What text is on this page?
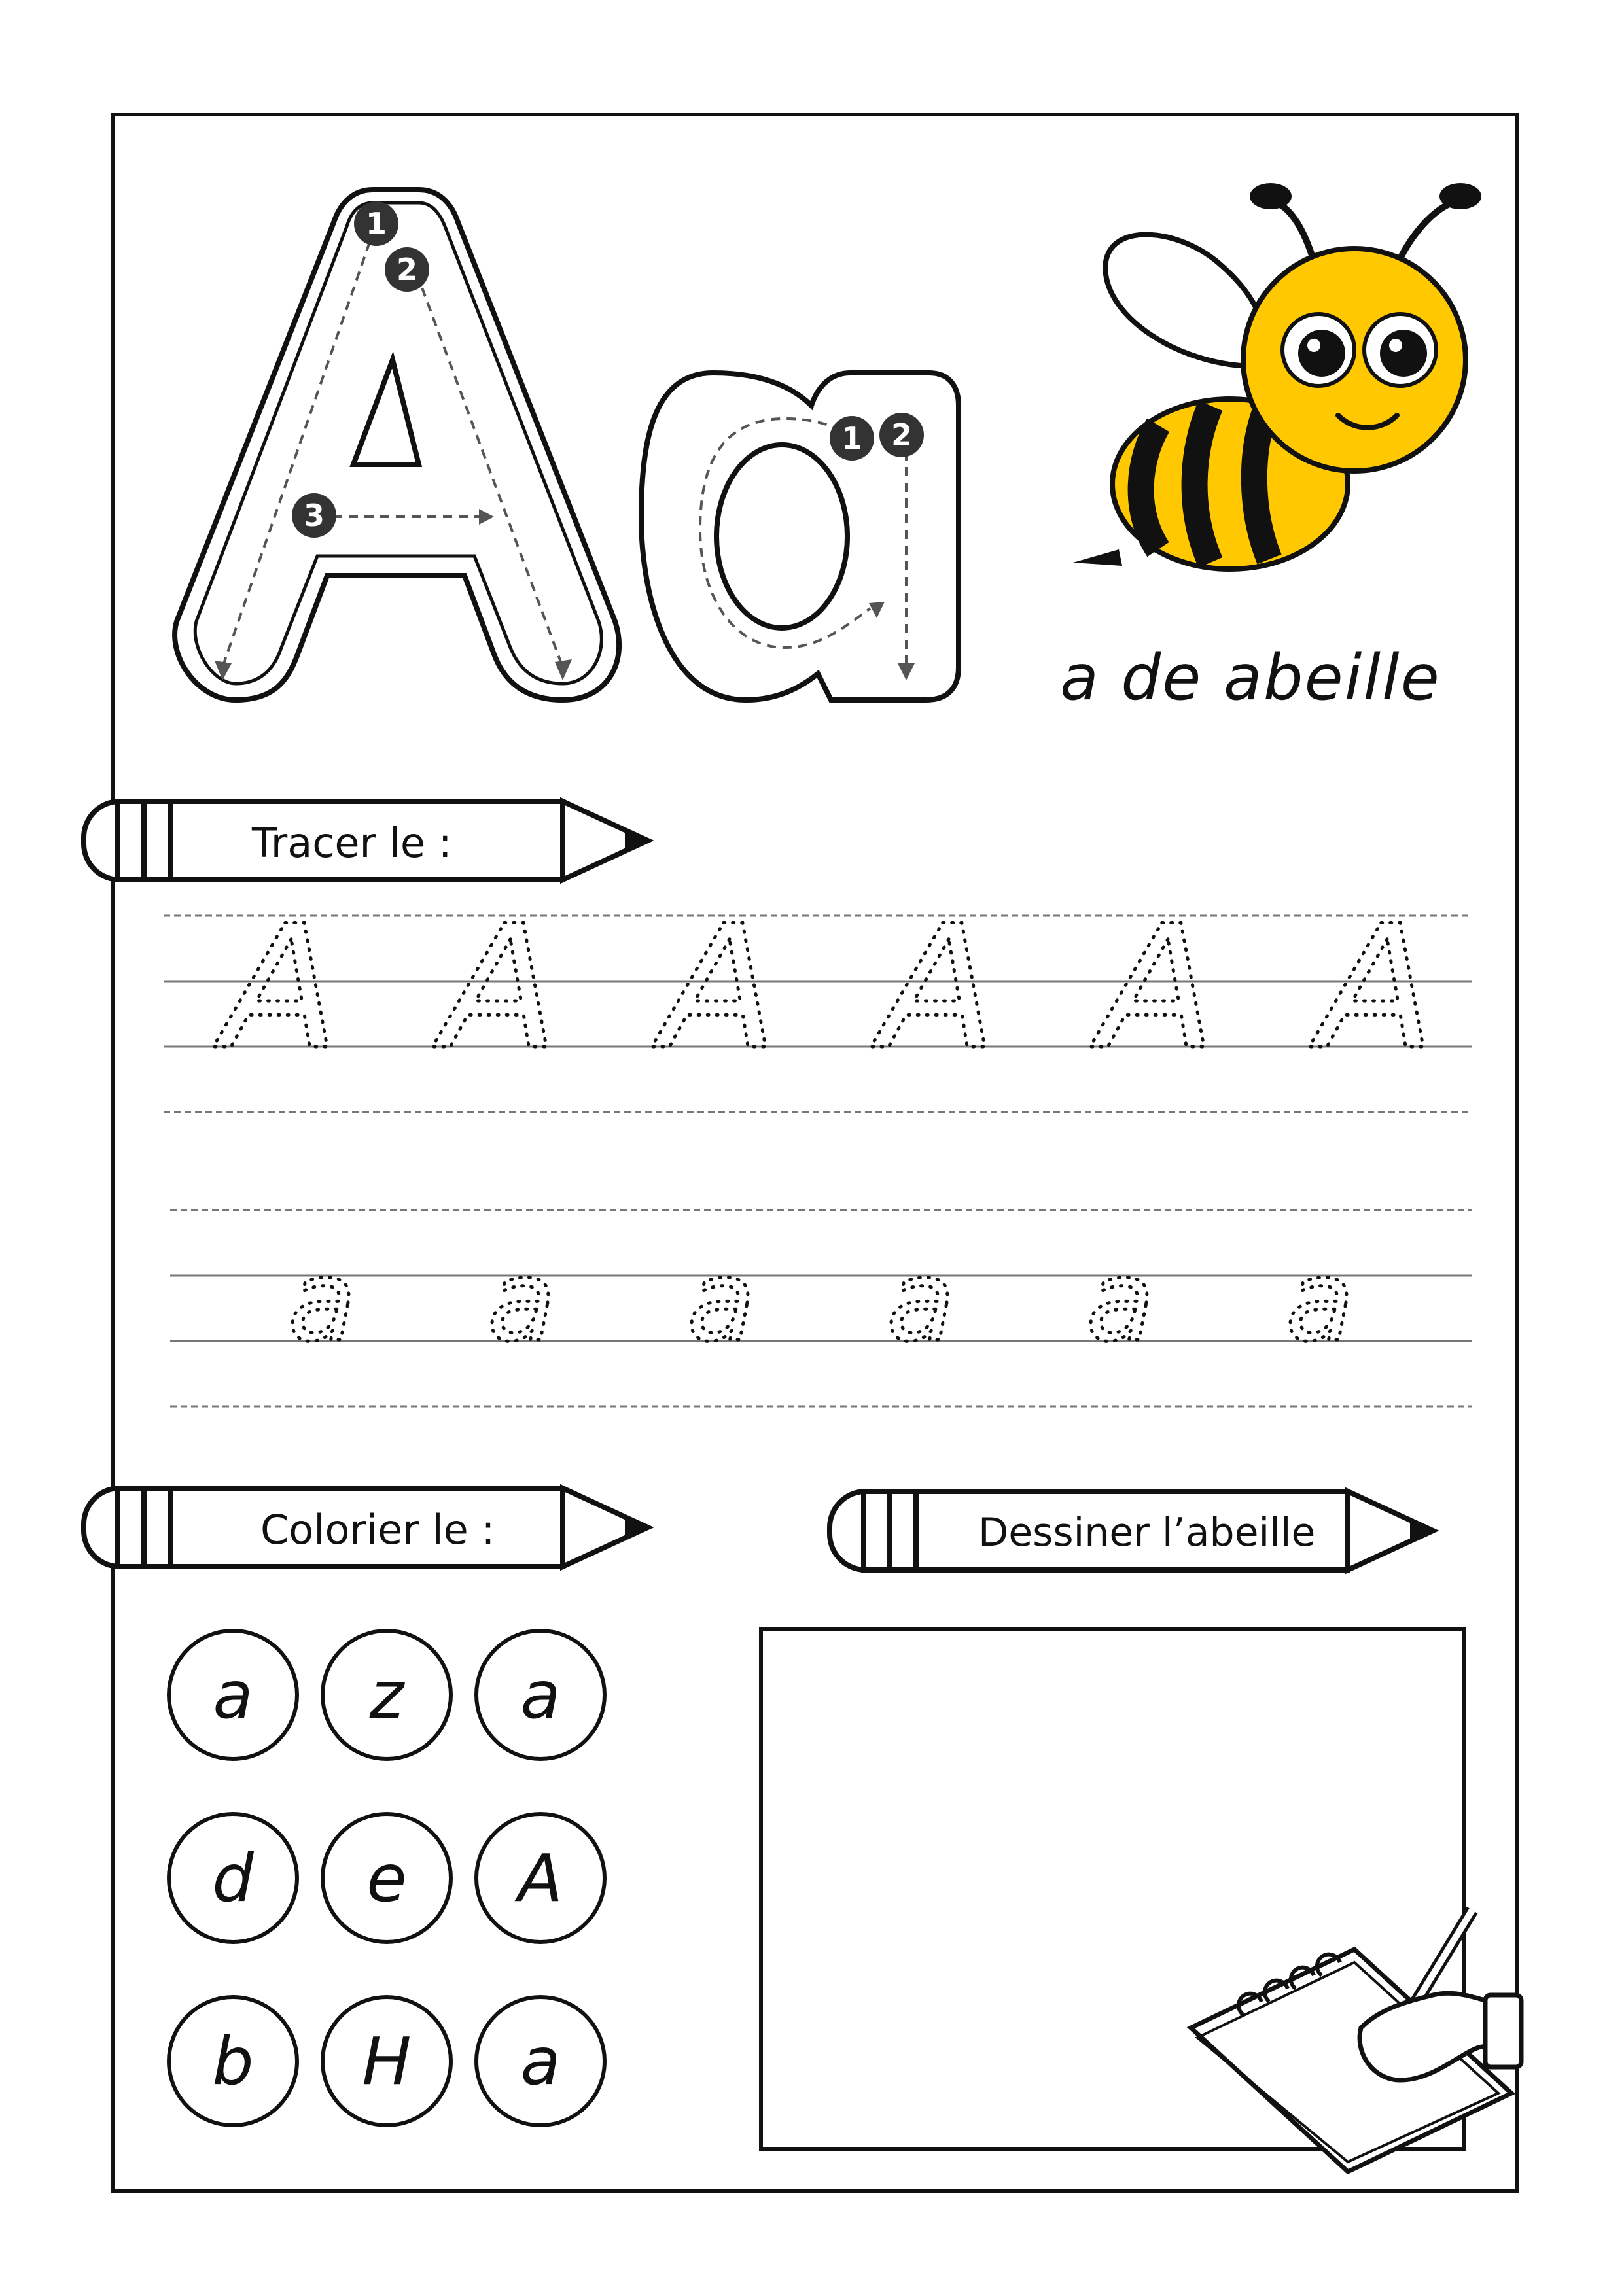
1
2
3
1 2
a de abeille
Tracer le :
A A A A A A
a a a a a a
Colorier le :	Dessiner l’abeille
a	z	a
d	e	A
b	H	a
